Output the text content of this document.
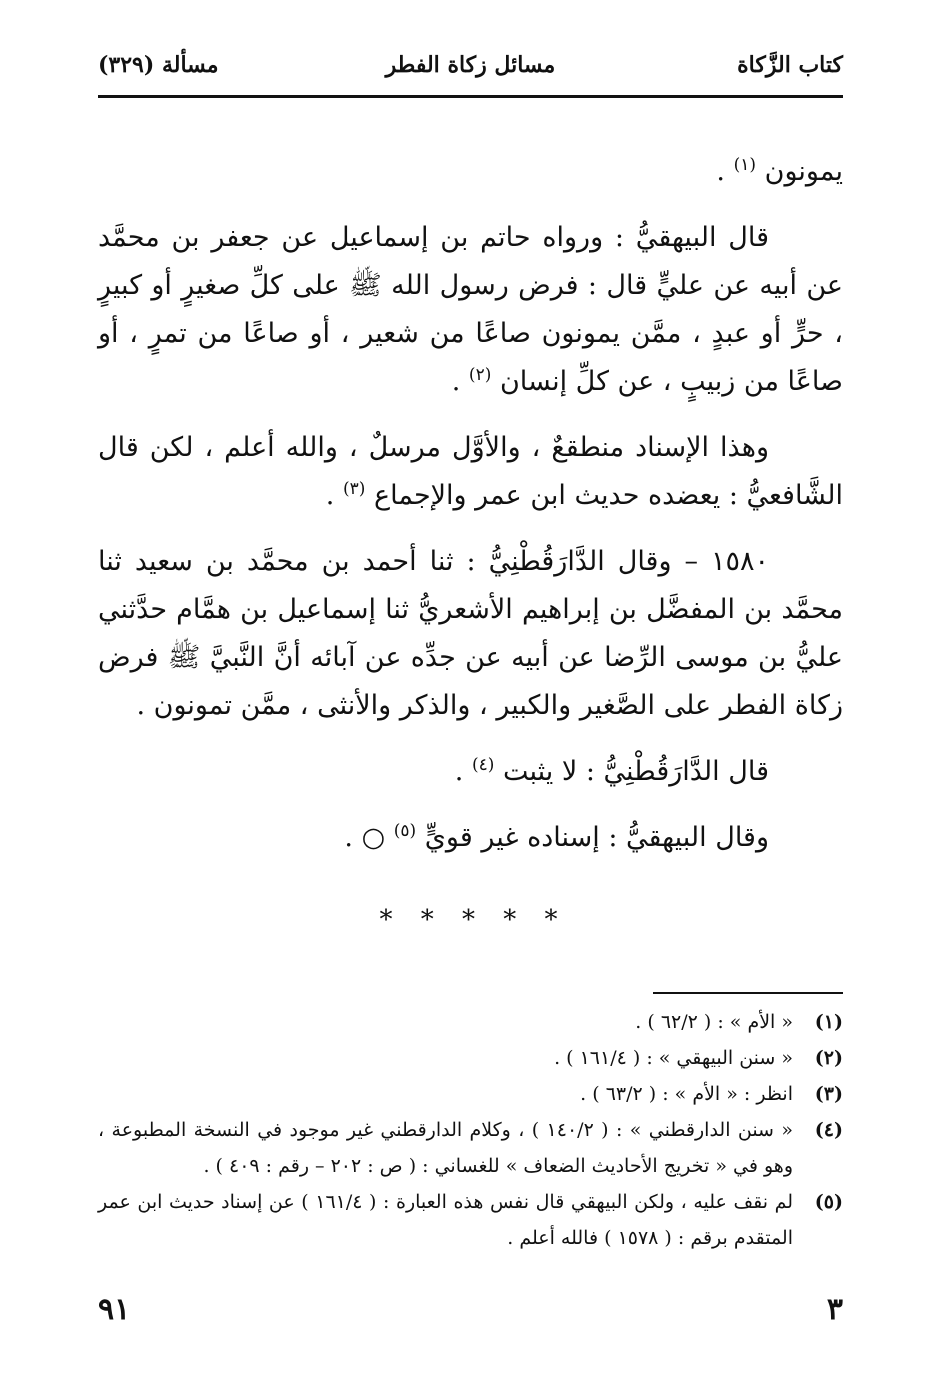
كتاب الزَّكاة
مسائل زكاة الفطر
مسألة (٣٢٩)

يمونون $^{(١)}$ .

قال البيهقيُّ : ورواه حاتم بن إسماعيل عن جعفر بن محمَّد عن أبيه عن عليٍّ قال : فرض رسول الله ﷺ على كلِّ صغيرٍ أو كبيرٍ ، حرٍّ أو عبدٍ ، ممَّن يمونون صاعًا من شعير ، أو صاعًا من تمرٍ ، أو صاعًا من زبيبٍ ، عن كلِّ إنسان $^{(٢)}$ .

وهذا الإسناد منطقعٌ ، والأوَّل مرسلٌ ، والله أعلم ، لكن قال الشَّافعيُّ : يعضده حديث ابن عمر والإجماع $^{(٣)}$ .

١٥٨٠ – وقال الدَّارَقُطْنِيُّ : ثنا أحمد بن محمَّد بن سعيد ثنا محمَّد بن المفضَّل بن إبراهيم الأشعريُّ ثنا إسماعيل بن همَّام حدَّثني عليُّ بن موسى الرِّضا عن أبيه عن جدِّه عن آبائه أنَّ النَّبيَّ ﷺ فرض زكاة الفطر على الصَّغير والكبير ، والذكر والأنثى ، ممَّن تمونون .

قال الدَّارَقُطْنِيُّ : لا يثبت $^{(٤)}$ .

وقال البيهقيُّ : إسناده غير قويٍّ $^{(٥)}$ ○ .

* * * * *
(١)
« الأم » : ( ٦٢/٢ ) .
(٢)
« سنن البيهقي » : ( ١٦١/٤ ) .
(٣)
انظر : « الأم » : ( ٦٣/٢ ) .
(٤)
« سنن الدارقطني » : ( ١٤٠/٢ ) ، وكلام الدارقطني غير موجود في النسخة المطبوعة ، وهو في « تخريج الأحاديث الضعاف » للغساني : ( ص : ٢٠٢ – رقم : ٤٠٩ ) .
(٥)
لم نقف عليه ، ولكن البيهقي قال نفس هذه العبارة : ( ١٦١/٤ ) عن إسناد حديث ابن عمر المتقدم برقم : ( ١٥٧٨ ) فالله أعلم .
٣
٩١
